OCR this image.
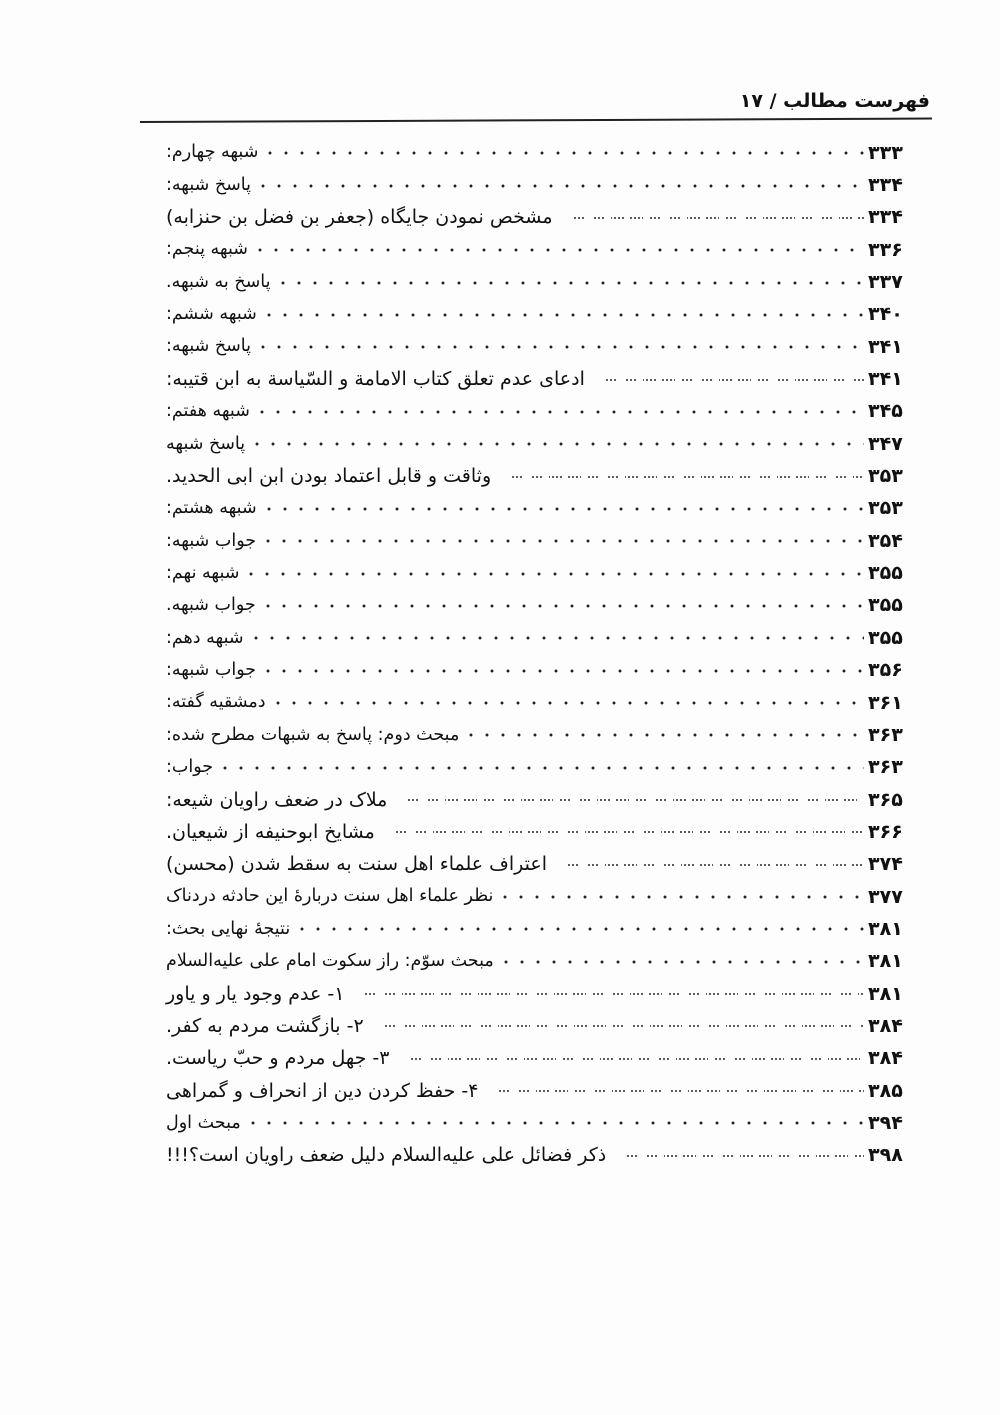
فهرست مطالب / ۱۷
شبهه چهارم:	۳۳۳
پاسخ شبهه:	۳۳۴
مشخص نمودن جایگاه (جعفر بن فضل بن حنزابه)	۳۳۴
شبهه پنجم:	۳۳۶
پاسخ به شبهه.	۳۳۷
شبهه ششم:	۳۴۰
پاسخ شبهه:	۳۴۱
ادعای عدم تعلق کتاب الامامة و السّیاسة به ابن قتیبه:	۳۴۱
شبهه هفتم:	۳۴۵
پاسخ شبهه	۳۴۷
وثاقت و قابل اعتماد بودن ابن ابی الحدید.	۳۵۳
شبهه هشتم:	۳۵۳
جواب شبهه:	۳۵۴
شبهه نهم:	۳۵۵
جواب شبهه.	۳۵۵
شبهه دهم:	۳۵۵
جواب شبهه:	۳۵۶
دمشقیه گفته:	۳۶۱
مبحث دوم: پاسخ به شبهات مطرح شده:	۳۶۳
جواب:	۳۶۳
ملاک در ضعف راویان شیعه:	۳۶۵
مشایخ ابوحنیفه از شیعیان.	۳۶۶
اعتراف علماء اهل سنت به سقط شدن (محسن)	۳۷۴
نظر علماء اهل سنت دربارهٔ این حادثه دردناک	۳۷۷
نتیجهٔ نهایی بحث:	۳۸۱
مبحث سوّم: راز سکوت امام علی علیه‌السلام	۳۸۱
۱- عدم وجود یار و یاور	۳۸۱
۲- بازگشت مردم به کفر.	۳۸۴
۳- جهل مردم و حبّ ریاست.	۳۸۴
۴- حفظ کردن دین از انحراف و گمراهی	۳۸۵
مبحث اول	۳۹۴
ذکر فضائل علی علیه‌السلام دلیل ضعف راویان است؟!!!	۳۹۸
